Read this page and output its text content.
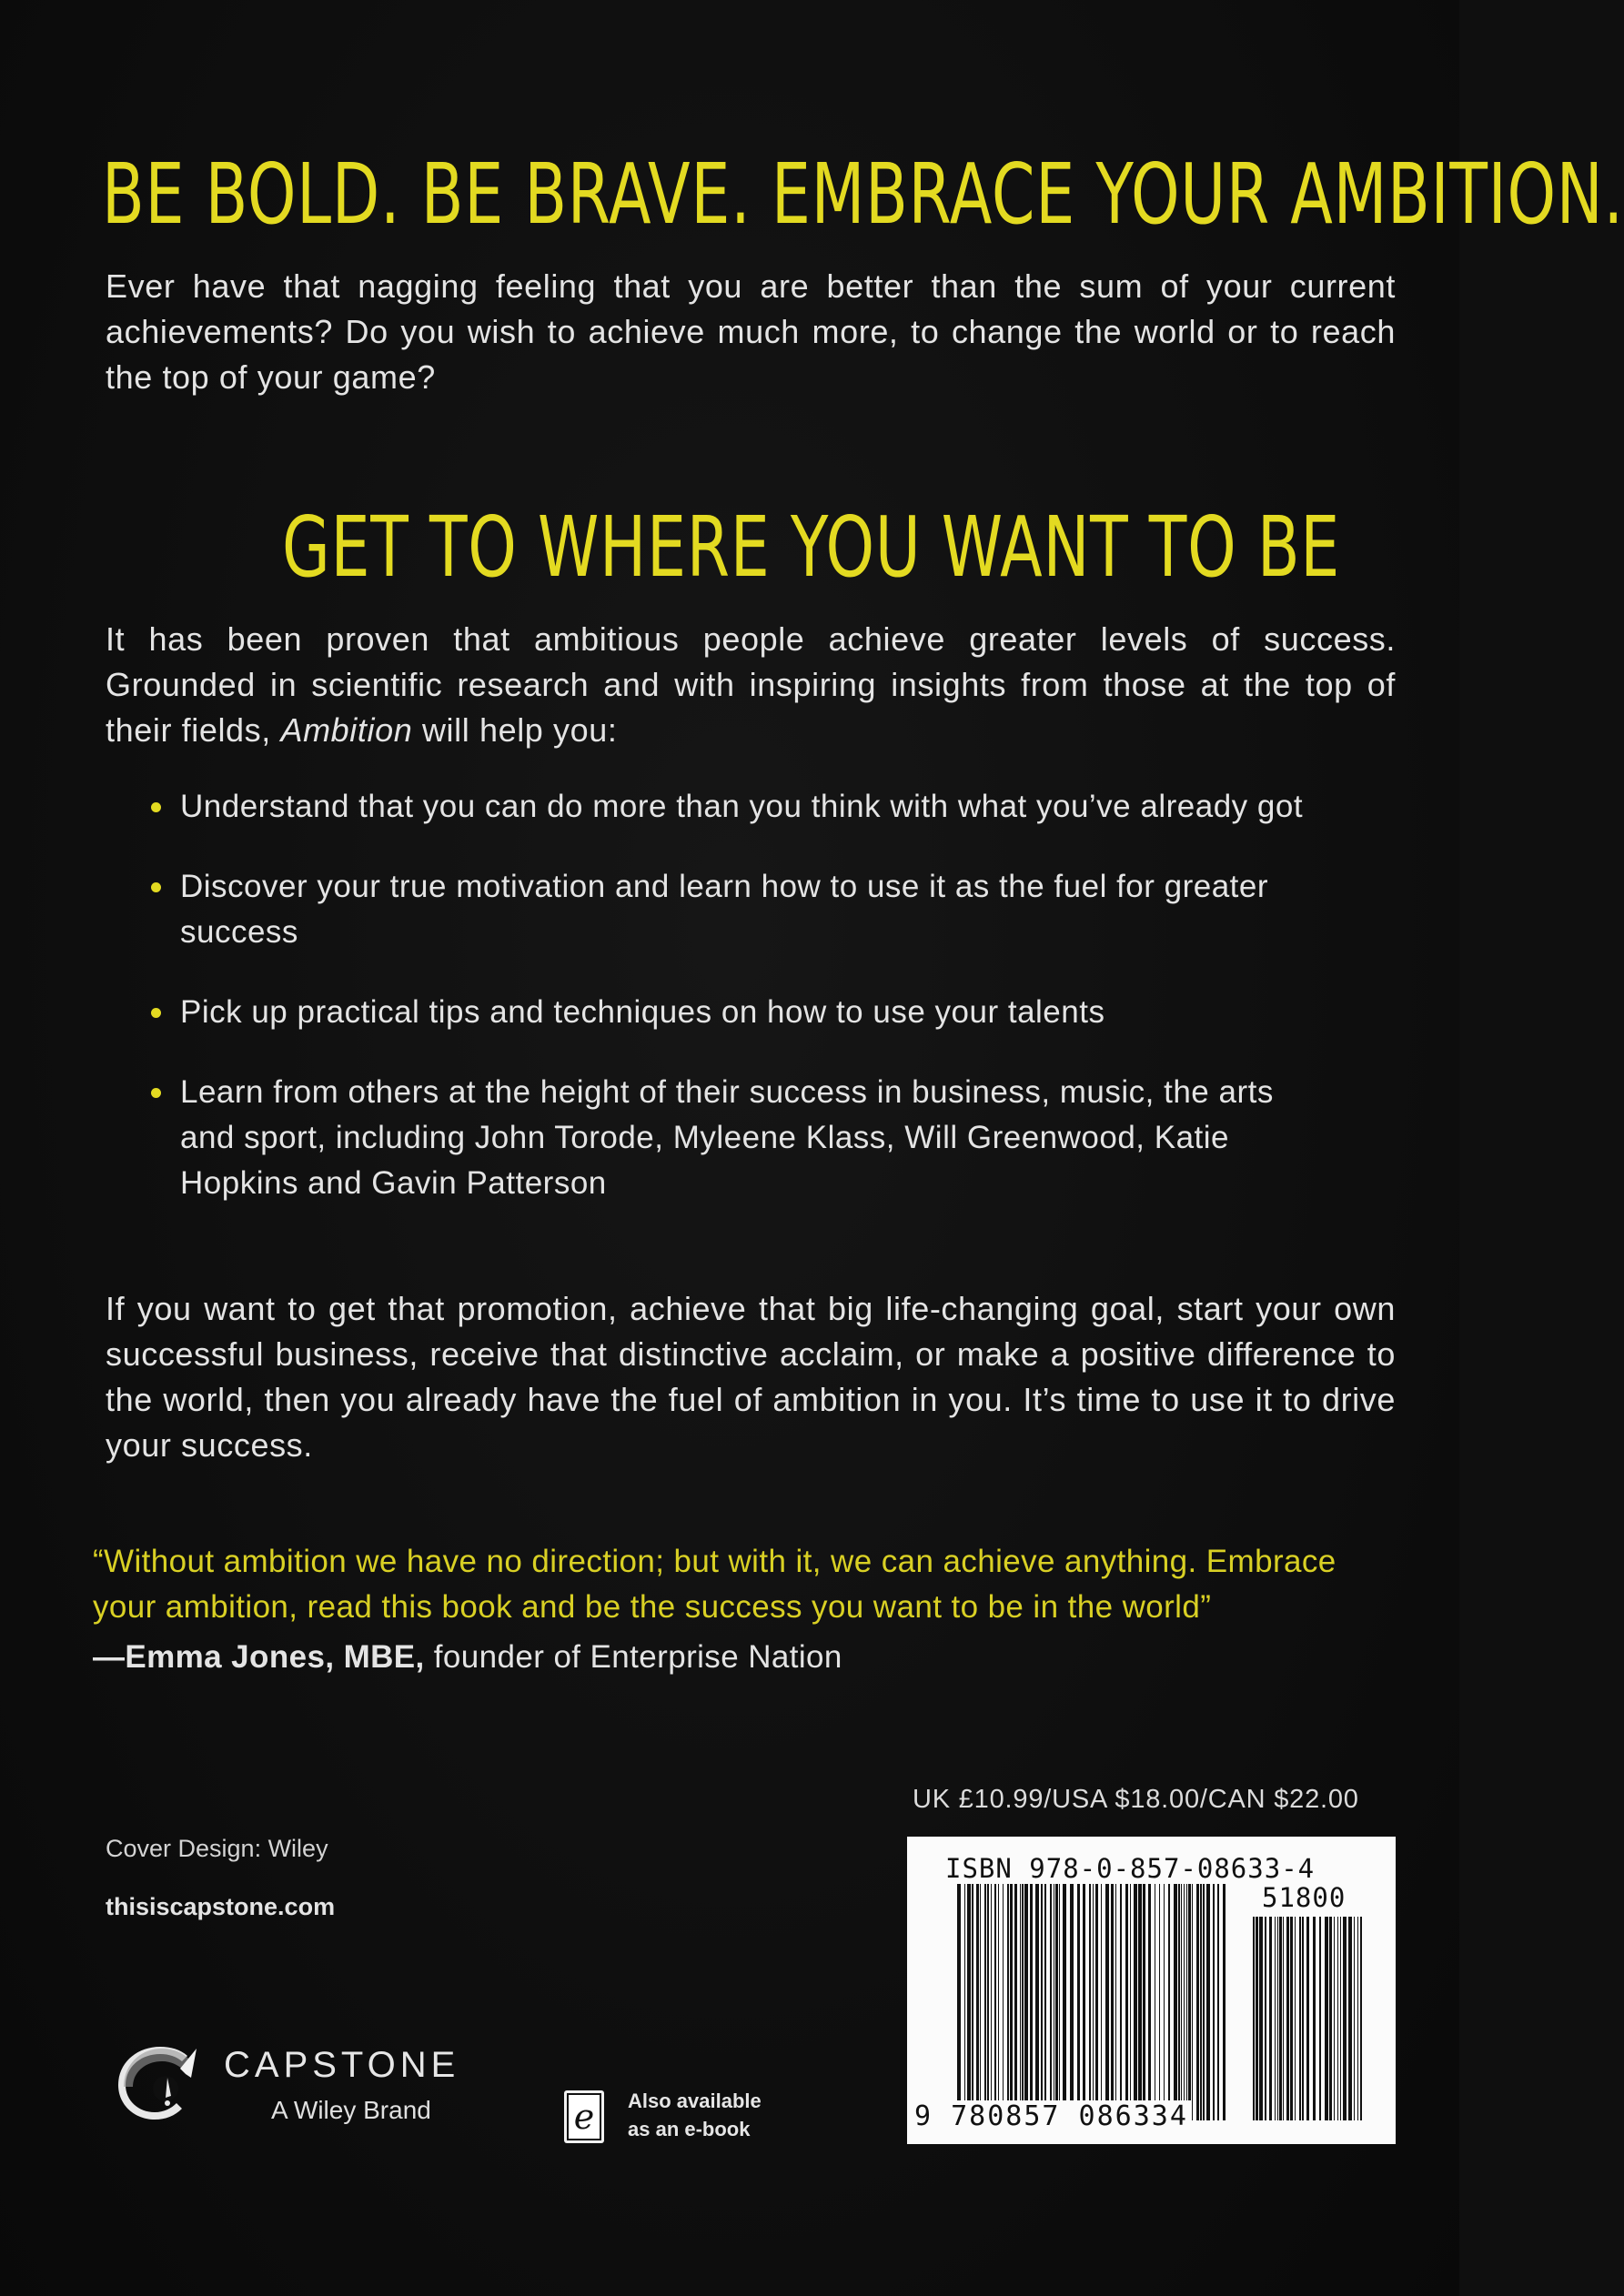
BE BOLD. BE BRAVE. EMBRACE YOUR AMBITION.

Ever have that nagging feeling that you are better than the sum of your current achievements? Do you wish to achieve much more, to change the world or to reach the top of your game?

GET TO WHERE YOU WANT TO BE

It has been proven that ambitious people achieve greater levels of success. Grounded in scientific research and with inspiring insights from those at the top of their fields, Ambition will help you:

Understand that you can do more than you think with what you’ve already got
Discover your true motivation and learn how to use it as the fuel for greater success
Pick up practical tips and techniques on how to use your talents
Learn from others at the height of their success in business, music, the arts and sport, including John Torode, Myleene Klass, Will Greenwood, Katie Hopkins and Gavin Patterson

If you want to get that promotion, achieve that big life-changing goal, start your own successful business, receive that distinctive acclaim, or make a positive difference to the world, then you already have the fuel of ambition in you. It’s time to use it to drive your success.

“Without ambition we have no direction; but with it, we can achieve anything. Embrace your ambition, read this book and be the success you want to be in the world”

—Emma Jones, MBE, founder of Enterprise Nation
UK £10.99/USA $18.00/CAN $22.00
Cover Design: Wiley
thisiscapstone.com
CAPSTONE
A Wiley Brand	e Also available
as an e-book
ISBN 978-0-857-08633-4
51800
9 780857 086334
